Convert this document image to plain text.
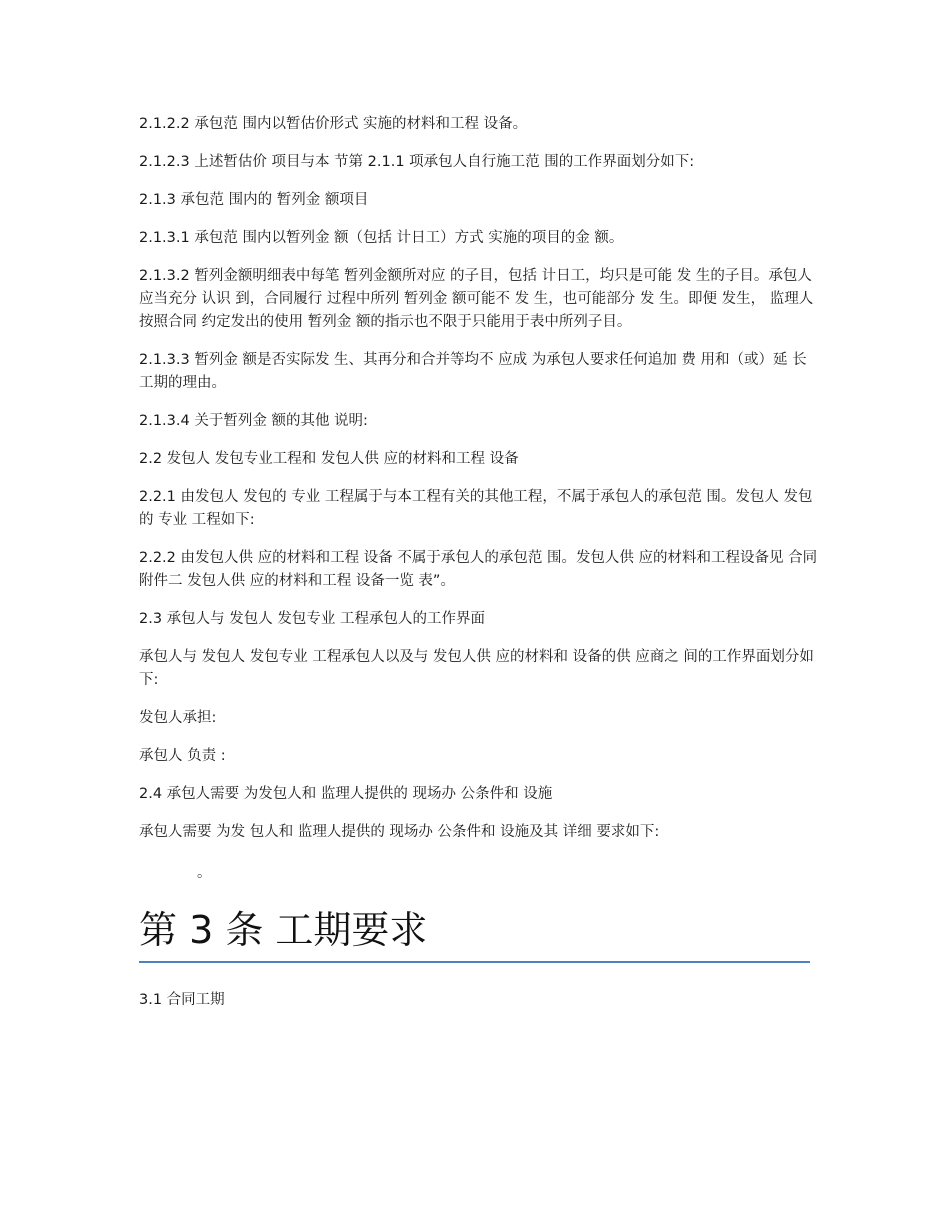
2.1.2.2 承包范 围内以暂估价形式 实施的材料和工程 设备。

2.1.2.3 上述暂估价 项目与本 节第 2.1.1 项承包人自行施工范 围的工作界面划分如下:

2.1.3 承包范 围内的 暂列金 额项目

2.1.3.1 承包范 围内以暂列金 额（包括 计日工）方式 实施的项目的金 额。

2.1.3.2 暂列金额明细表中每笔 暂列金额所对应 的子目，包括 计日工，均只是可能 发 生的子目。承包人 应当充分 认识 到，合同履行 过程中所列 暂列金 额可能不 发 生，也可能部分 发 生。即便 发生， 监理人按照合同 约定发出的使用 暂列金 额的指示也不限于只能用于表中所列子目。

2.1.3.3 暂列金 额是否实际发 生、其再分和合并等均不 应成 为承包人要求任何追加 费 用和（或）延 长工期的理由。

2.1.3.4 关于暂列金 额的其他 说明:

2.2 发包人 发包专业工程和 发包人供 应的材料和工程 设备

2.2.1 由发包人 发包的 专业 工程属于与本工程有关的其他工程，不属于承包人的承包范 围。发包人 发包的 专业 工程如下:

2.2.2 由发包人供 应的材料和工程 设备 不属于承包人的承包范 围。发包人供 应的材料和工程设备见 合同附件二 发包人供 应的材料和工程 设备一览 表”。

2.3 承包人与 发包人 发包专业 工程承包人的工作界面

承包人与 发包人 发包专业 工程承包人以及与 发包人供 应的材料和 设备的供 应商之 间的工作界面划分如下:

发包人承担:

承包人 负责 :

2.4 承包人需要 为发包人和 监理人提供的 现场办 公条件和 设施

承包人需要 为发 包人和 监理人提供的 现场办 公条件和 设施及其 详细 要求如下:

。
第 3 条 工期要求
3.1 合同工期
